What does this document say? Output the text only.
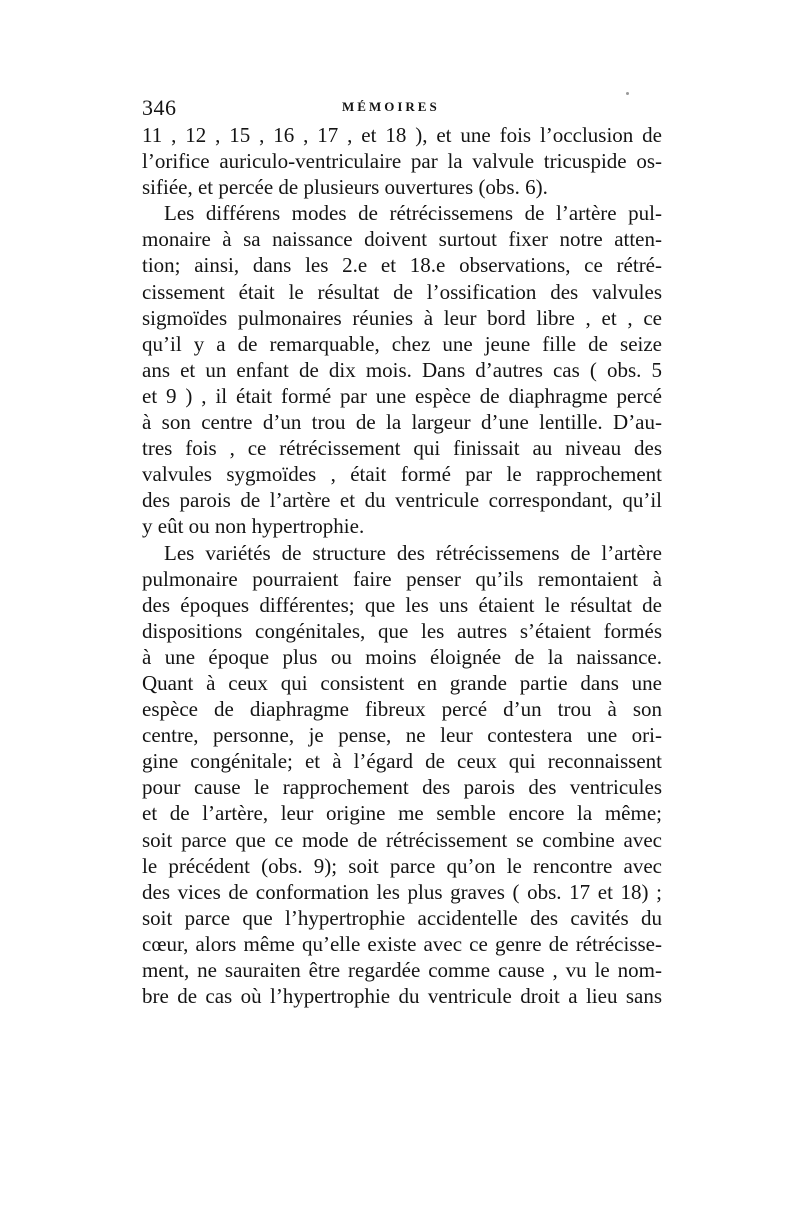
346	MÉMOIRES
11 , 12 , 15 , 16 , 17 , et 18 ), et une fois l’occlusion de
l’orifice auriculo-ventriculaire par la valvule tricuspide os-
sifiée, et percée de plusieurs ouvertures (obs. 6).
Les différens modes de rétrécissemens de l’artère pul-
monaire à sa naissance doivent surtout fixer notre atten-
tion; ainsi, dans les 2.e et 18.e observations, ce rétré-
cissement était le résultat de l’ossification des valvules
sigmoïdes pulmonaires réunies à leur bord libre , et , ce
qu’il y a de remarquable, chez une jeune fille de seize
ans et un enfant de dix mois. Dans d’autres cas ( obs. 5
et 9 ) , il était formé par une espèce de diaphragme percé
à son centre d’un trou de la largeur d’une lentille. D’au-
tres fois , ce rétrécissement qui finissait au niveau des
valvules sygmoïdes , était formé par le rapprochement
des parois de l’artère et du ventricule correspondant, qu’il
y eût ou non hypertrophie.
Les variétés de structure des rétrécissemens de l’artère
pulmonaire pourraient faire penser qu’ils remontaient à
des époques différentes; que les uns étaient le résultat de
dispositions congénitales, que les autres s’étaient formés
à une époque plus ou moins éloignée de la naissance.
Quant à ceux qui consistent en grande partie dans une
espèce de diaphragme fibreux percé d’un trou à son
centre, personne, je pense, ne leur contestera une ori-
gine congénitale; et à l’égard de ceux qui reconnaissent
pour cause le rapprochement des parois des ventricules
et de l’artère, leur origine me semble encore la même;
soit parce que ce mode de rétrécissement se combine avec
le précédent (obs. 9); soit parce qu’on le rencontre avec
des vices de conformation les plus graves ( obs. 17 et 18) ;
soit parce que l’hypertrophie accidentelle des cavités du
cœur, alors même qu’elle existe avec ce genre de rétrécisse-
ment, ne sauraiten être regardée comme cause , vu le nom-
bre de cas où l’hypertrophie du ventricule droit a lieu sans
